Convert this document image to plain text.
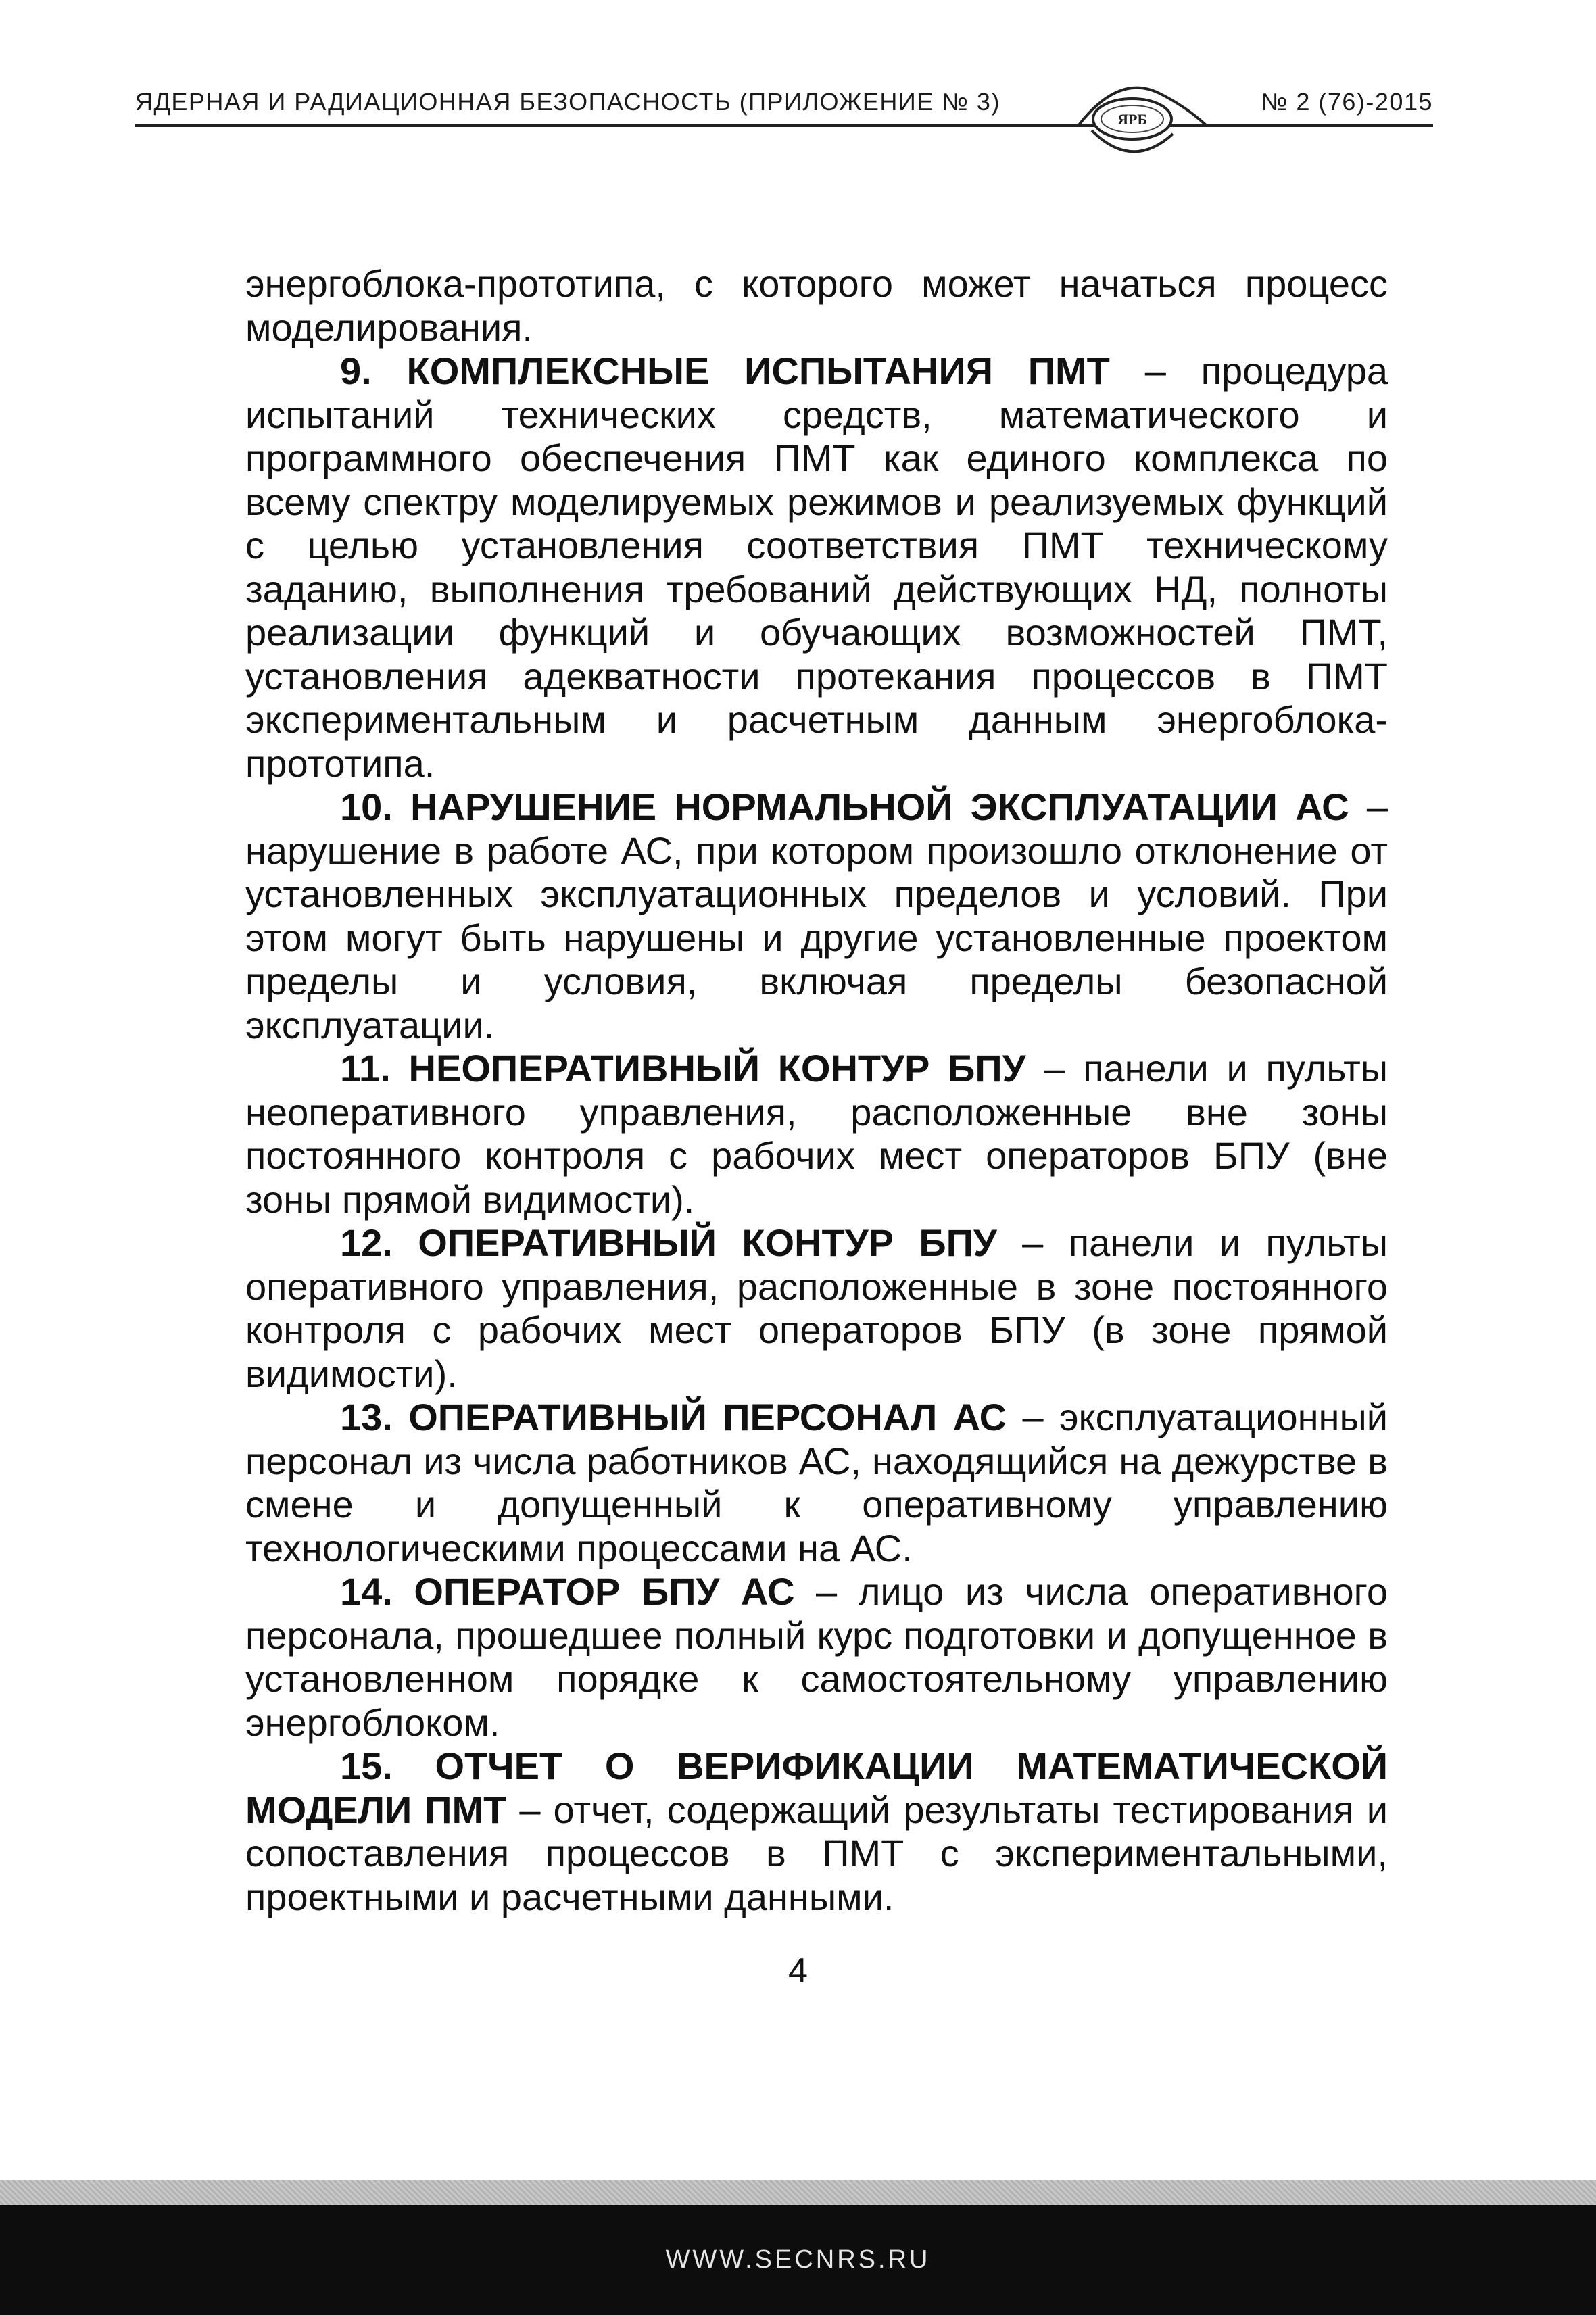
ЯДЕРНАЯ И РАДИАЦИОННАЯ БЕЗОПАСНОСТЬ (ПРИЛОЖЕНИЕ № 3)	№ 2 (76)-2015
ЯРБ

энергоблока-прототипа, с которого может начаться процесс моделирования.

9. КОМПЛЕКСНЫЕ ИСПЫТАНИЯ ПМТ – процедура испытаний технических средств, математического и программного обеспечения ПМТ как единого комплекса по всему спектру моделируемых режимов и реализуемых функций с целью установления соответствия ПМТ техническому заданию, выполнения требований действующих НД, полноты реализации функций и обучающих возможностей ПМТ, установления адекватности протекания процессов в ПМТ экспериментальным и расчетным данным энергоблока-прототипа.

10. НАРУШЕНИЕ НОРМАЛЬНОЙ ЭКСПЛУАТАЦИИ АС – нарушение в работе АС, при котором произошло отклонение от установленных эксплуатационных пределов и условий. При этом могут быть нарушены и другие установленные проектом пределы и условия, включая пределы безопасной эксплуатации.

11. НЕОПЕРАТИВНЫЙ КОНТУР БПУ – панели и пульты неоперативного управления, расположенные вне зоны постоянного контроля с рабочих мест операторов БПУ (вне зоны прямой видимости).

12. ОПЕРАТИВНЫЙ КОНТУР БПУ – панели и пульты оперативного управления, расположенные в зоне постоянного контроля с рабочих мест операторов БПУ (в зоне прямой видимости).

13. ОПЕРАТИВНЫЙ ПЕРСОНАЛ АС – эксплуатационный персонал из числа работников АС, находящийся на дежурстве в смене и допущенный к оперативному управлению технологическими процессами на АС.

14. ОПЕРАТОР БПУ АС – лицо из числа оперативного персонала, прошедшее полный курс подготовки и допущенное в установленном порядке к самостоятельному управлению энергоблоком.

15. ОТЧЕТ О ВЕРИФИКАЦИИ МАТЕМАТИЧЕСКОЙ МОДЕЛИ ПМТ – отчет, содержащий результаты тестирования и сопоставления процессов в ПМТ с экспериментальными, проектными и расчетными данными.

4
WWW.SECNRS.RU
